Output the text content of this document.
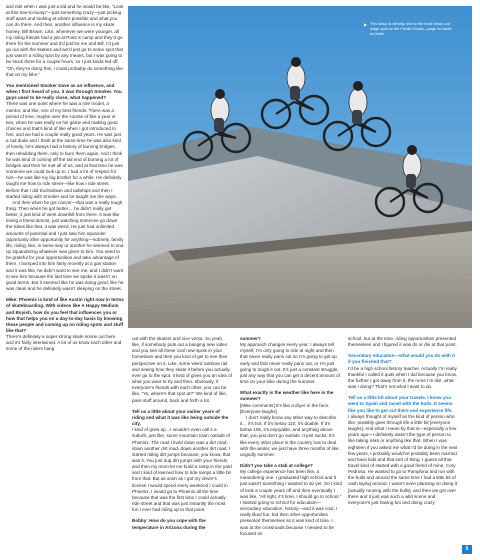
and ride when I was just a kid and he would be like, “Look at this tree-to-bump”—just something crazy—just picking stuff apart and looking at what’s possible and what you can do there. And then, another influence is my skate homey, Bill Brown. Like, whenever we were younger, all my riding friends had a job at Point X camp and they’d go there for the summer and it’d just be me and Bill. I’d just go out with the skaters and we’d just go to some spot that just wasn’t a riding spot by any means, but I was going to be stuck there for a couple hours, so I just kinda fed off, “Oh, they’re doing this, I could probably do something like that on my bike.”

You mentioned Smoker Dave as an influence, and when I first heard of you, it was through Smoker. You guys used to be really close, what happened?

There was one point where he was a role model, a mentor, and like, one of my best friends. There was a period of time, maybe over the course of like a year or two, when he was really on his game and making good choices and that’s kind of like when I got introduced to him, and we had a couple really good years. He was just a rad dude and I think at the same time he was also kind of lonely, he’s always had a history of burning bridges, then rebuilding them, only to burn them again. And I think he was kind of coming off the tail end of burning a lot of bridges and then he met all of us, and at that time he was someone we could look up to. I had a lot of respect for him—he was like my big brother for a while. He definitely taught me how to ride street—like how I ride street. Before that I did trucksdown and tailwhips and then I started riding with Smoker and he taught me the ways.

And then when he got cancer—that was a really tough thing. Then when he got better… he didn’t really get better, it just kind of went downhill from there. It was like losing a friend almost, just watching someone go down the tubes like that, it was weird. He just had unlimited amounts of potential and I just saw him squander opportunity after opportunity for anything—sobriety, family life, riding, like, in some way or another he seemed to end up squandering whatever was given to him. You need to be grateful for your opportunities and take advantage of them. I bumped into him fairly recently at a gas station and it was like, he didn’t want to see me, and I didn’t want to see him because the last time we spoke it wasn’t on good terms. But it seemed like he was doing good, like he was clean and he definitely wasn’t sleeping on the street.

Mike: Phoenix is kind of like Austin right now in terms of skateboarding. With videos like A Happy Medium and Boyish, how do you feel that influences you or how that helps you on a day-to-day basis by knowing these people and coming up on riding spots and stuff like that?

There’s definitely a super strong skate scene out here and it’s fairly intertwined. A lot of us know each other and some of the riders hang

▶ This setup is directly next to the most blown-out ledge spot on the Pacific Ocean—page no booth no limits

out with the skaters and vice versa. So yeah, like, if somebody puts out a banging new video and you see all these cool new spots in your hometown and then you kind of get to see their perspective on it. Like, some weird rainbow rail and seeing how they skate it before you actually ever go to the spot, it kind of gives you an idea of what you want to try and then, obviously, if everyone’s friends with each other, you can be like, “Yo, where’s that spot at?” We kind of like, pass stuff around, back and forth a lot.

Tell us a little about your earlier years of riding and what it was like being outside the city.

I kind of grew up…I wouldn’t even call it a suburb, just like, some mountain town outside of Phoenix. The road I lived down was a dirt road, down another dirt road, down another dirt road. I started riding dirt jumps because, you know, that was it. You just dug dirt jumps with your friends and then my mom let me build a ramp in the yard and I kind of learned how to ride ramps a little bit from that. But as soon as I got my driver’s license I would spend every weekend I could in Phoenix. I would go to Phoenix all the time because that was the first time I could actually ride street and that was just instantly the most fun I ever had riding up to that point.

Bobby: How do you cope with the temperature in Arizona during the

summer?

My approach changes every year. I always tell myself, I’m only going to ride at night and then that never really pans out so I’m going to get up early and that never really pans out, or I’m just going to tough it out. It’s just a constant struggle, just any way that you can get a decent amount of time on your bike during the summer.

What exactly is the weather like here in the summer?

[Mike comments] It’s like a dryer in the face. [Everyone laughs]

I don’t really know any other way to describe it… it’s hot. If it’s below 110, it’s doable. If it’s below 105, it’s enjoyable, and anything above that, you just don’t go outside. It just sucks. It’s like every other place in the country has to deal with the winter, we just have three months of like, ungodly summer.

Didn’t you take a stab at college?

My college experience has been like, a meandering one. I graduated high school and it just wasn’t something I wanted to do yet. So I kind of took a couple years off and then eventually I was like, “All right, it’s time, I should go to school.” I started going to school for education—secondary education, history—and it was cool, I really liked fun, but then other opportunities presented themselves so it was kind of time. I was at the crossroads because I needed to be focused on

school, but at the time, riding opportunities presented themselves and I figured it was do or die at that point.

Secondary education—what would you do with it if you finished that?

I’d be a high school history teacher. Actually I’m really thankful I called it quits when I did because you know, the further I get away from it, the more I’m like, what was I doing? That’s not what I want to do.

Tell us a little bit about your travels. I know you went to Spain and raced with the bulls. It seems like you like to get out there and experience life.

I always thought of myself as the kind of person who like, possibly goes through life a little bit [everyone laughs]. And what I mean by that is—especially a few years ago—I definitely wasn’t the type of person to like taking risks or anything like that. When I was eighteen if you asked me what I’d be doing in the next few years, I probably would’ve probably been married and have kids and that sort of thing. I guess all that travel kind of started with a good friend of mine, Cory Pedrosa. He wanted to go to Pamplona and run with the bulls and around the same time I had a little bit of cash laying around. I wasn’t even planning on doing it [actually running with the bulls], and then we got over there and it just was such a wild scene and everyone’s just having fun and doing crazy

5
